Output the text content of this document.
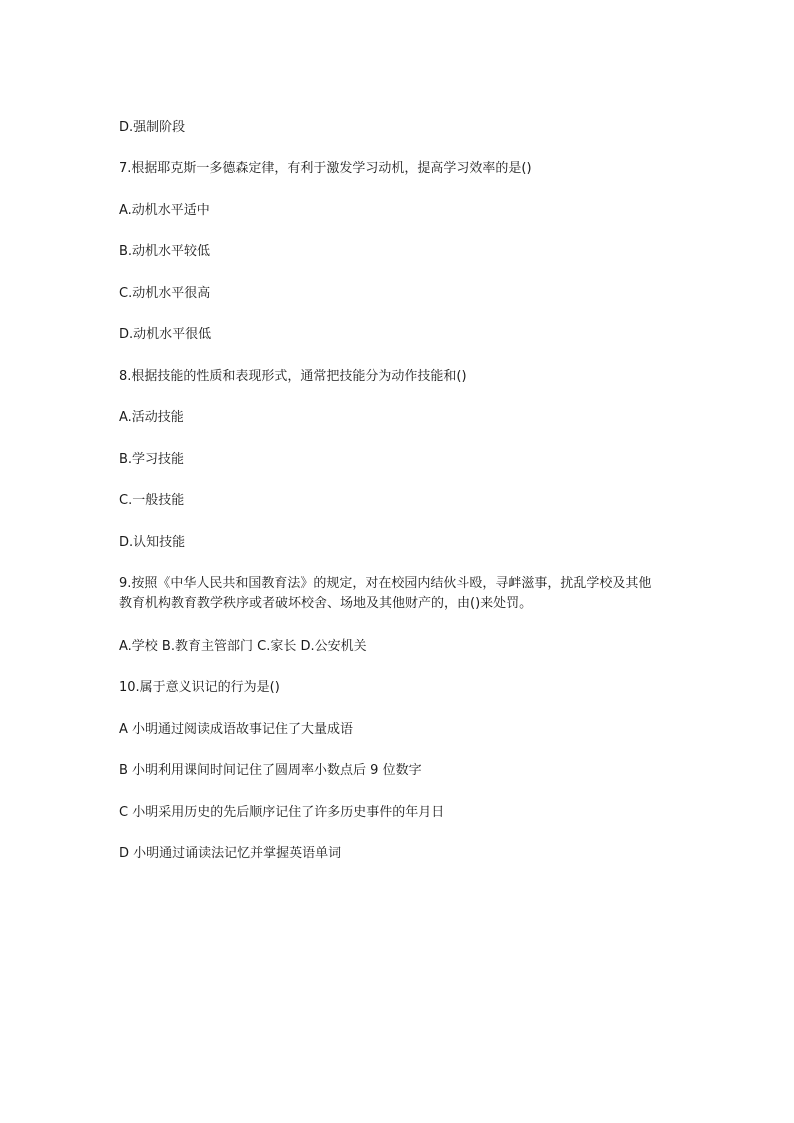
D.强制阶段
7.根据耶克斯一多德森定律，有利于激发学习动机，提高学习效率的是()
A.动机水平适中
B.动机水平较低
C.动机水平很高
D.动机水平很低
8.根据技能的性质和表现形式，通常把技能分为动作技能和()
A.活动技能
B.学习技能
C.一般技能
D.认知技能
9.按照《中华人民共和国教育法》的规定，对在校园内结伙斗殴，寻衅滋事，扰乱学校及其他教育机构教育教学秩序或者破坏校舍、场地及其他财产的，由()来处罚。
A.学校 B.教育主管部门 C.家长 D.公安机关
10.属于意义识记的行为是()
A 小明通过阅读成语故事记住了大量成语
B 小明利用课间时间记住了圆周率小数点后 9 位数字
C 小明采用历史的先后顺序记住了许多历史事件的年月日
D 小明通过诵读法记忆并掌握英语单词
